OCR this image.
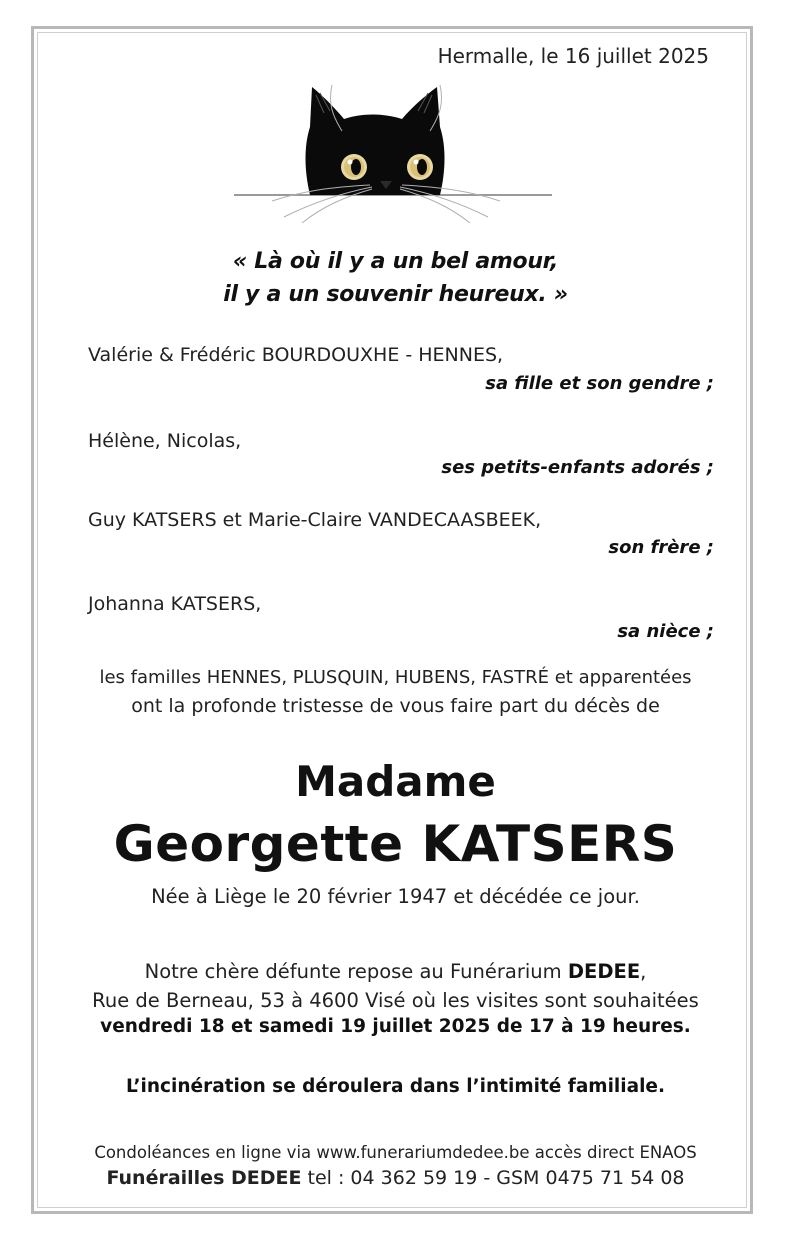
Hermalle, le 16 juillet 2025
« Là où il y a un bel amour,
il y a un souvenir heureux. »
Valérie & Frédéric BOURDOUXHE - HENNES,
sa fille et son gendre ;
Hélène, Nicolas,
ses petits-enfants adorés ;
Guy KATSERS et Marie-Claire VANDECAASBEEK,
son frère ;
Johanna KATSERS,
sa nièce ;
les familles HENNES, PLUSQUIN, HUBENS, FASTRÉ et apparentées
ont la profonde tristesse de vous faire part du décès de
Madame
Georgette KATSERS
Née à Liège le 20 février 1947 et décédée ce jour.
Notre chère défunte repose au Funérarium DEDEE,
Rue de Berneau, 53 à 4600 Visé où les visites sont souhaitées
vendredi 18 et samedi 19 juillet 2025 de 17 à 19 heures.
L’incinération se déroulera dans l’intimité familiale.
Condoléances en ligne via www.funerariumdedee.be accès direct ENAOS
Funérailles DEDEE tel : 04 362 59 19 - GSM 0475 71 54 08
